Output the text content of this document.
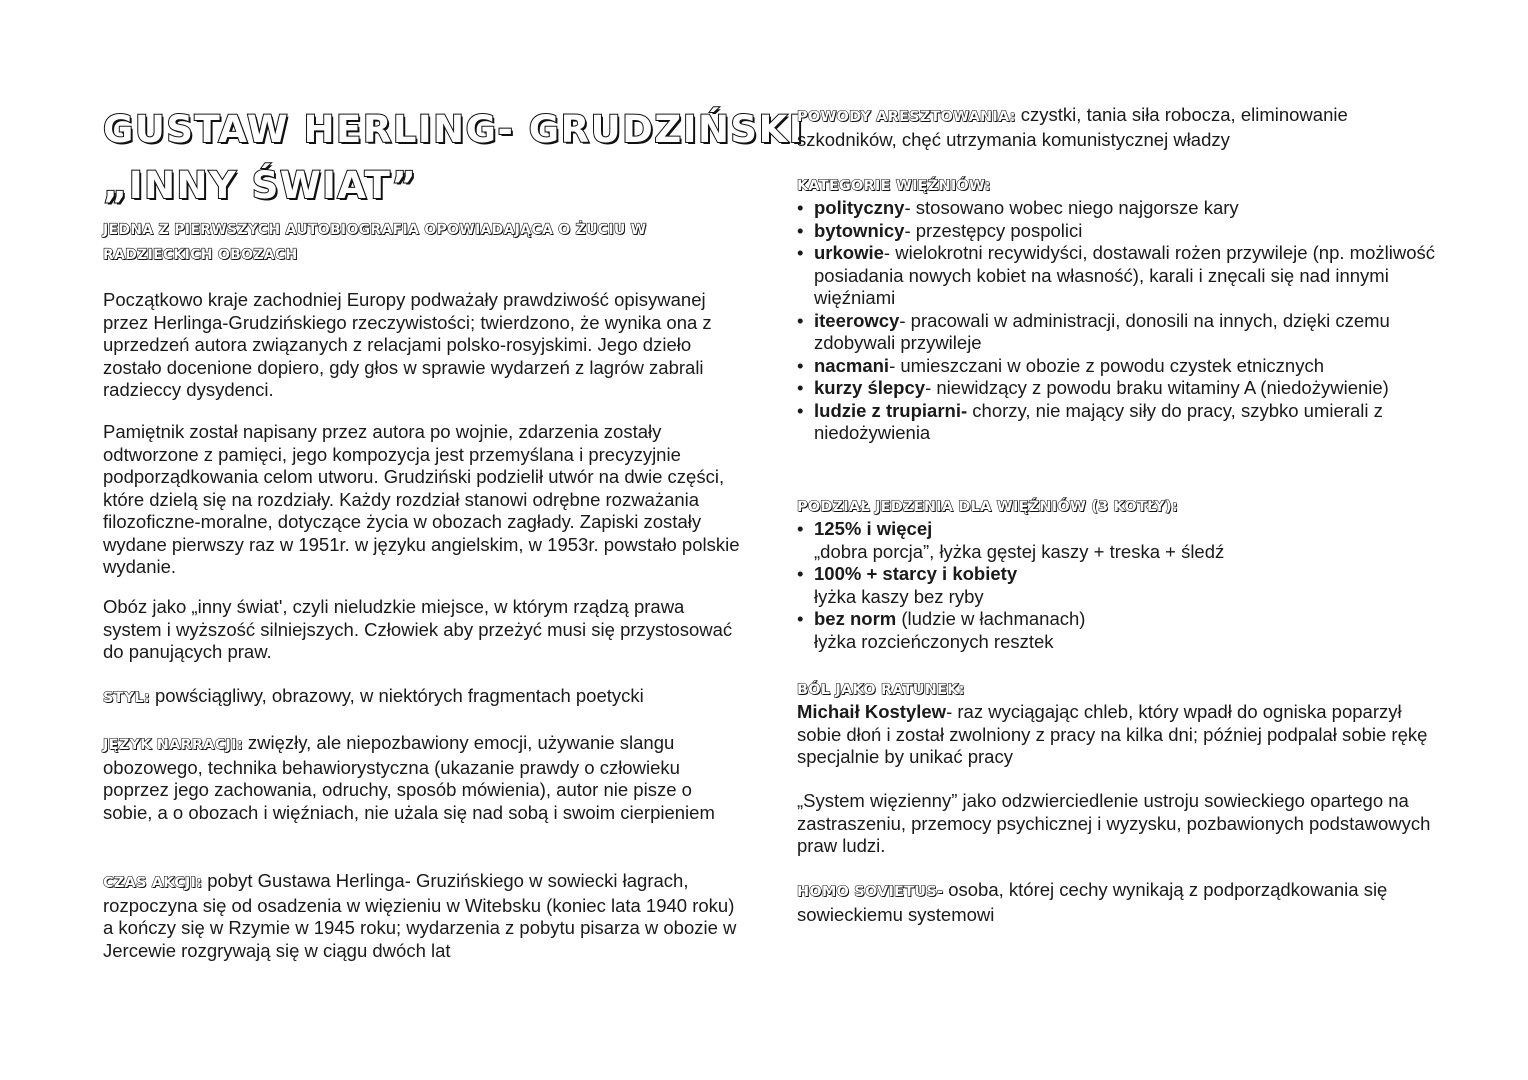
GUSTAW HERLING- GRUDZIŃSKI
„INNY ŚWIAT”
JEDNA Z PIERWSZYCH AUTOBIOGRAFIA OPOWIADAJĄCA O ŻUCIU W RADZIECKICH OBOZACH

Początkowo kraje zachodniej Europy podważały prawdziwość opisywanej przez Herlinga-Grudzińskiego rzeczywistości; twierdzono, że wynika ona z uprzedzeń autora związanych z relacjami polsko-rosyjskimi. Jego dzieło zostało docenione dopiero, gdy głos w sprawie wydarzeń z lagrów zabrali radzieccy dysydenci.

Pamiętnik został napisany przez autora po wojnie, zdarzenia zostały odtworzone z pamięci, jego kompozycja jest przemyślana i precyzyjnie podporządkowania celom utworu. Grudziński podzielił utwór na dwie części, które dzielą się na rozdziały. Każdy rozdział stanowi odrębne rozważania filozoficzne-moralne, dotyczące życia w obozach zagłady. Zapiski zostały wydane pierwszy raz w 1951r. w języku angielskim, w 1953r. powstało polskie wydanie.

Obóz jako „inny świat', czyli nieludzkie miejsce, w którym rządzą prawa system i wyższość silniejszych. Człowiek aby przeżyć musi się przystosować do panujących praw.

STYL: powściągliwy, obrazowy, w niektórych fragmentach poetycki

JĘZYK NARRACJI: zwięzły, ale niepozbawiony emocji, używanie slangu obozowego, technika behawiorystyczna (ukazanie prawdy o człowieku poprzez jego zachowania, odruchy, sposób mówienia), autor nie pisze o sobie, a o obozach i więźniach, nie użala się nad sobą i swoim cierpieniem

CZAS AKCJI: pobyt Gustawa Herlinga- Gruzińskiego w sowiecki łagrach, rozpoczyna się od osadzenia w więzieniu w Witebsku (koniec lata 1940 roku) a kończy się w Rzymie w 1945 roku; wydarzenia z pobytu pisarza w obozie w Jercewie rozgrywają się w ciągu dwóch lat

POWODY ARESZTOWANIA: czystki, tania siła robocza, eliminowanie szkodników, chęć utrzymania komunistycznej władzy

KATEGORIE WIĘŹNIÓW:
• polityczny- stosowano wobec niego najgorsze kary
• bytownicy- przestępcy pospolici
• urkowie- wielokrotni recywidyści, dostawali rożen przywileje (np. możliwość posiadania nowych kobiet na własność), karali i znęcali się nad innymi więźniami
• iteerowcy- pracowali w administracji, donosili na innych, dzięki czemu zdobywali przywileje
• nacmani- umieszczani w obozie z powodu czystek etnicznych
• kurzy ślepcy- niewidzący z powodu braku witaminy A (niedożywienie)
• ludzie z trupiarni- chorzy, nie mający siły do pracy, szybko umierali z niedożywienia
PODZIAŁ JEDZENIA DLA WIĘŹNIÓW (3 KOTŁY):
• 125% i więcej
„dobra porcja”, łyżka gęstej kaszy + treska + śledź
• 100% + starcy i kobiety
łyżka kaszy bez ryby
• bez norm (ludzie w łachmanach)
łyżka rozcieńczonych resztek
BÓL JAKO RATUNEK:
Michaił Kostylew- raz wyciągając chleb, który wpadł do ogniska poparzył sobie dłoń i został zwolniony z pracy na kilka dni; później podpalał sobie rękę specjalnie by unikać pracy

„System więzienny” jako odzwierciedlenie ustroju sowieckiego opartego na zastraszeniu, przemocy psychicznej i wyzysku, pozbawionych podstawowych praw ludzi.

HOMO SOVIETUS- osoba, której cechy wynikają z podporządkowania się sowieckiemu systemowi
